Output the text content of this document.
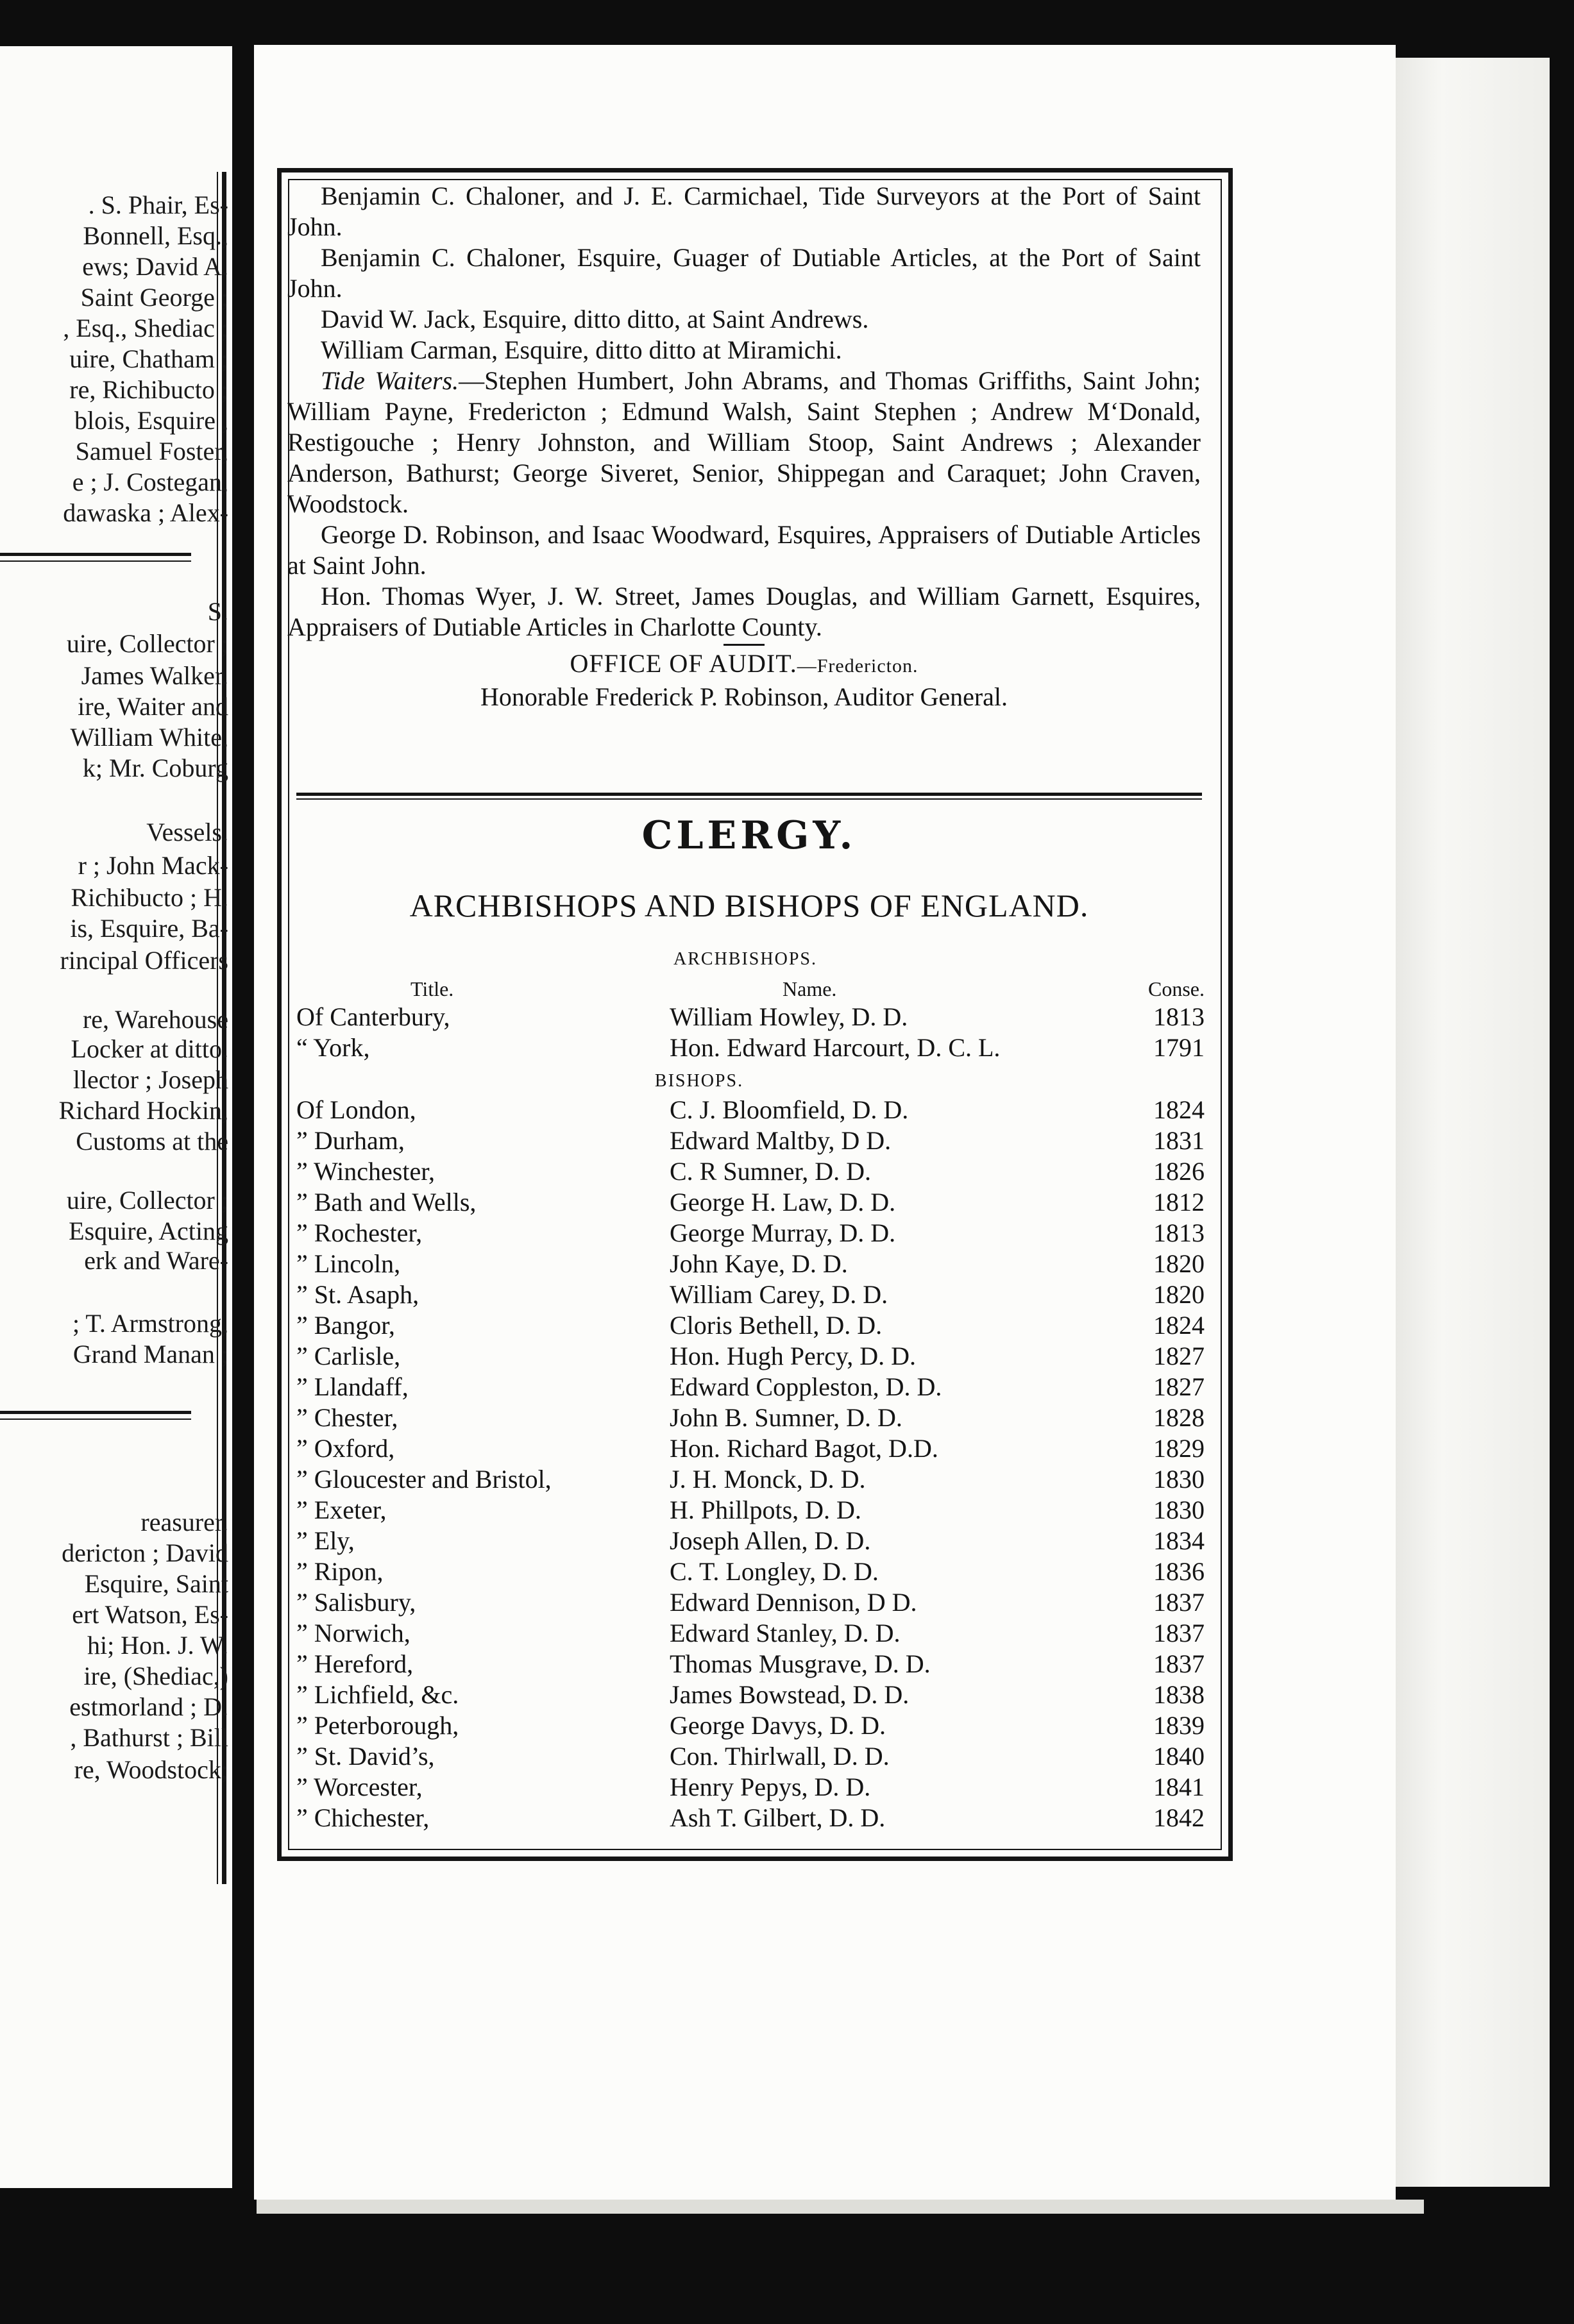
. S. Phair, Es-
Bonnell, Esq.,
ews; David A.
Saint George ;
, Esq., Shediac ;
uire, Chatham ;
re, Richibucto ;
blois, Esquire ,
Samuel Foster,
e ; J. Costegan,
dawaska ; Alex-
S.
uire, Collector ;
James Walker.
ire, Waiter and
William White,
k; Mr. Coburg
Vessels.
r ; John Mack-
Richibucto ; H.
is, Esquire, Ba-
rincipal Officers
re, Warehouse
Locker at ditto.
llector ; Joseph
Richard Hockin,
Customs at the
uire, Collector ;
Esquire, Acting
erk and Ware-
; T. Armstrong,
Grand Manan ;
reasurer.
dericton ; David
Esquire, Saint
ert Watson, Es-
hi; Hon. J. W.
ire, (Shediac,)
estmorland ; D.
, Bathurst ; Bill
re, Woodstock;

Benjamin C. Chaloner, and J. E. Carmichael, Tide Surveyors at the Port of Saint John.

Benjamin C. Chaloner, Esquire, Guager of Dutiable Articles, at the Port of Saint John.

David W. Jack, Esquire, ditto ditto, at Saint Andrews.

William Carman, Esquire, ditto ditto at Miramichi.

Tide Waiters.—Stephen Humbert, John Abrams, and Thomas Griffiths, Saint John; William Payne, Fredericton ; Edmund Walsh, Saint Stephen ; Andrew M‘Donald, Restigouche ; Henry Johnston, and William Stoop, Saint Andrews ; Alexander Anderson, Bathurst; George Siveret, Senior, Shippegan and Caraquet; John Craven, Woodstock.

George D. Robinson, and Isaac Woodward, Esquires, Appraisers of Dutiable Articles at Saint John.

Hon. Thomas Wyer, J. W. Street, James Douglas, and William Garnett, Esquires, Appraisers of Dutiable Articles in Charlotte County.

OFFICE OF AUDIT.—Fredericton.
Honorable Frederick P. Robinson, Auditor General.
CLERGY.
ARCHBISHOPS AND BISHOPS OF ENGLAND.
ARCHBISHOPS.
Title.	Name.	Conse.
Of Canterbury,	William Howley, D. D.	1813
“ York,	Hon. Edward Harcourt, D. C. L.	1791
BISHOPS.
Of London,	C. J. Bloomfield, D. D.	1824
” Durham,	Edward Maltby, D D.	1831
” Winchester,	C. R Sumner, D. D.	1826
” Bath and Wells,	George H. Law, D. D.	1812
” Rochester,	George Murray, D. D.	1813
” Lincoln,	John Kaye, D. D.	1820
” St. Asaph,	William Carey, D. D.	1820
” Bangor,	Cloris Bethell, D. D.	1824
” Carlisle,	Hon. Hugh Percy, D. D.	1827
” Llandaff,	Edward Coppleston, D. D.	1827
” Chester,	John B. Sumner, D. D.	1828
” Oxford,	Hon. Richard Bagot, D.D.	1829
” Gloucester and Bristol,	J. H. Monck, D. D.	1830
” Exeter,	H. Phillpots, D. D.	1830
” Ely,	Joseph Allen, D. D.	1834
” Ripon,	C. T. Longley, D. D.	1836
” Salisbury,	Edward Dennison, D D.	1837
” Norwich,	Edward Stanley, D. D.	1837
” Hereford,	Thomas Musgrave, D. D.	1837
” Lichfield, &c.	James Bowstead, D. D.	1838
” Peterborough,	George Davys, D. D.	1839
” St. David’s,	Con. Thirlwall, D. D.	1840
” Worcester,	Henry Pepys, D. D.	1841
” Chichester,	Ash T. Gilbert, D. D.	1842
